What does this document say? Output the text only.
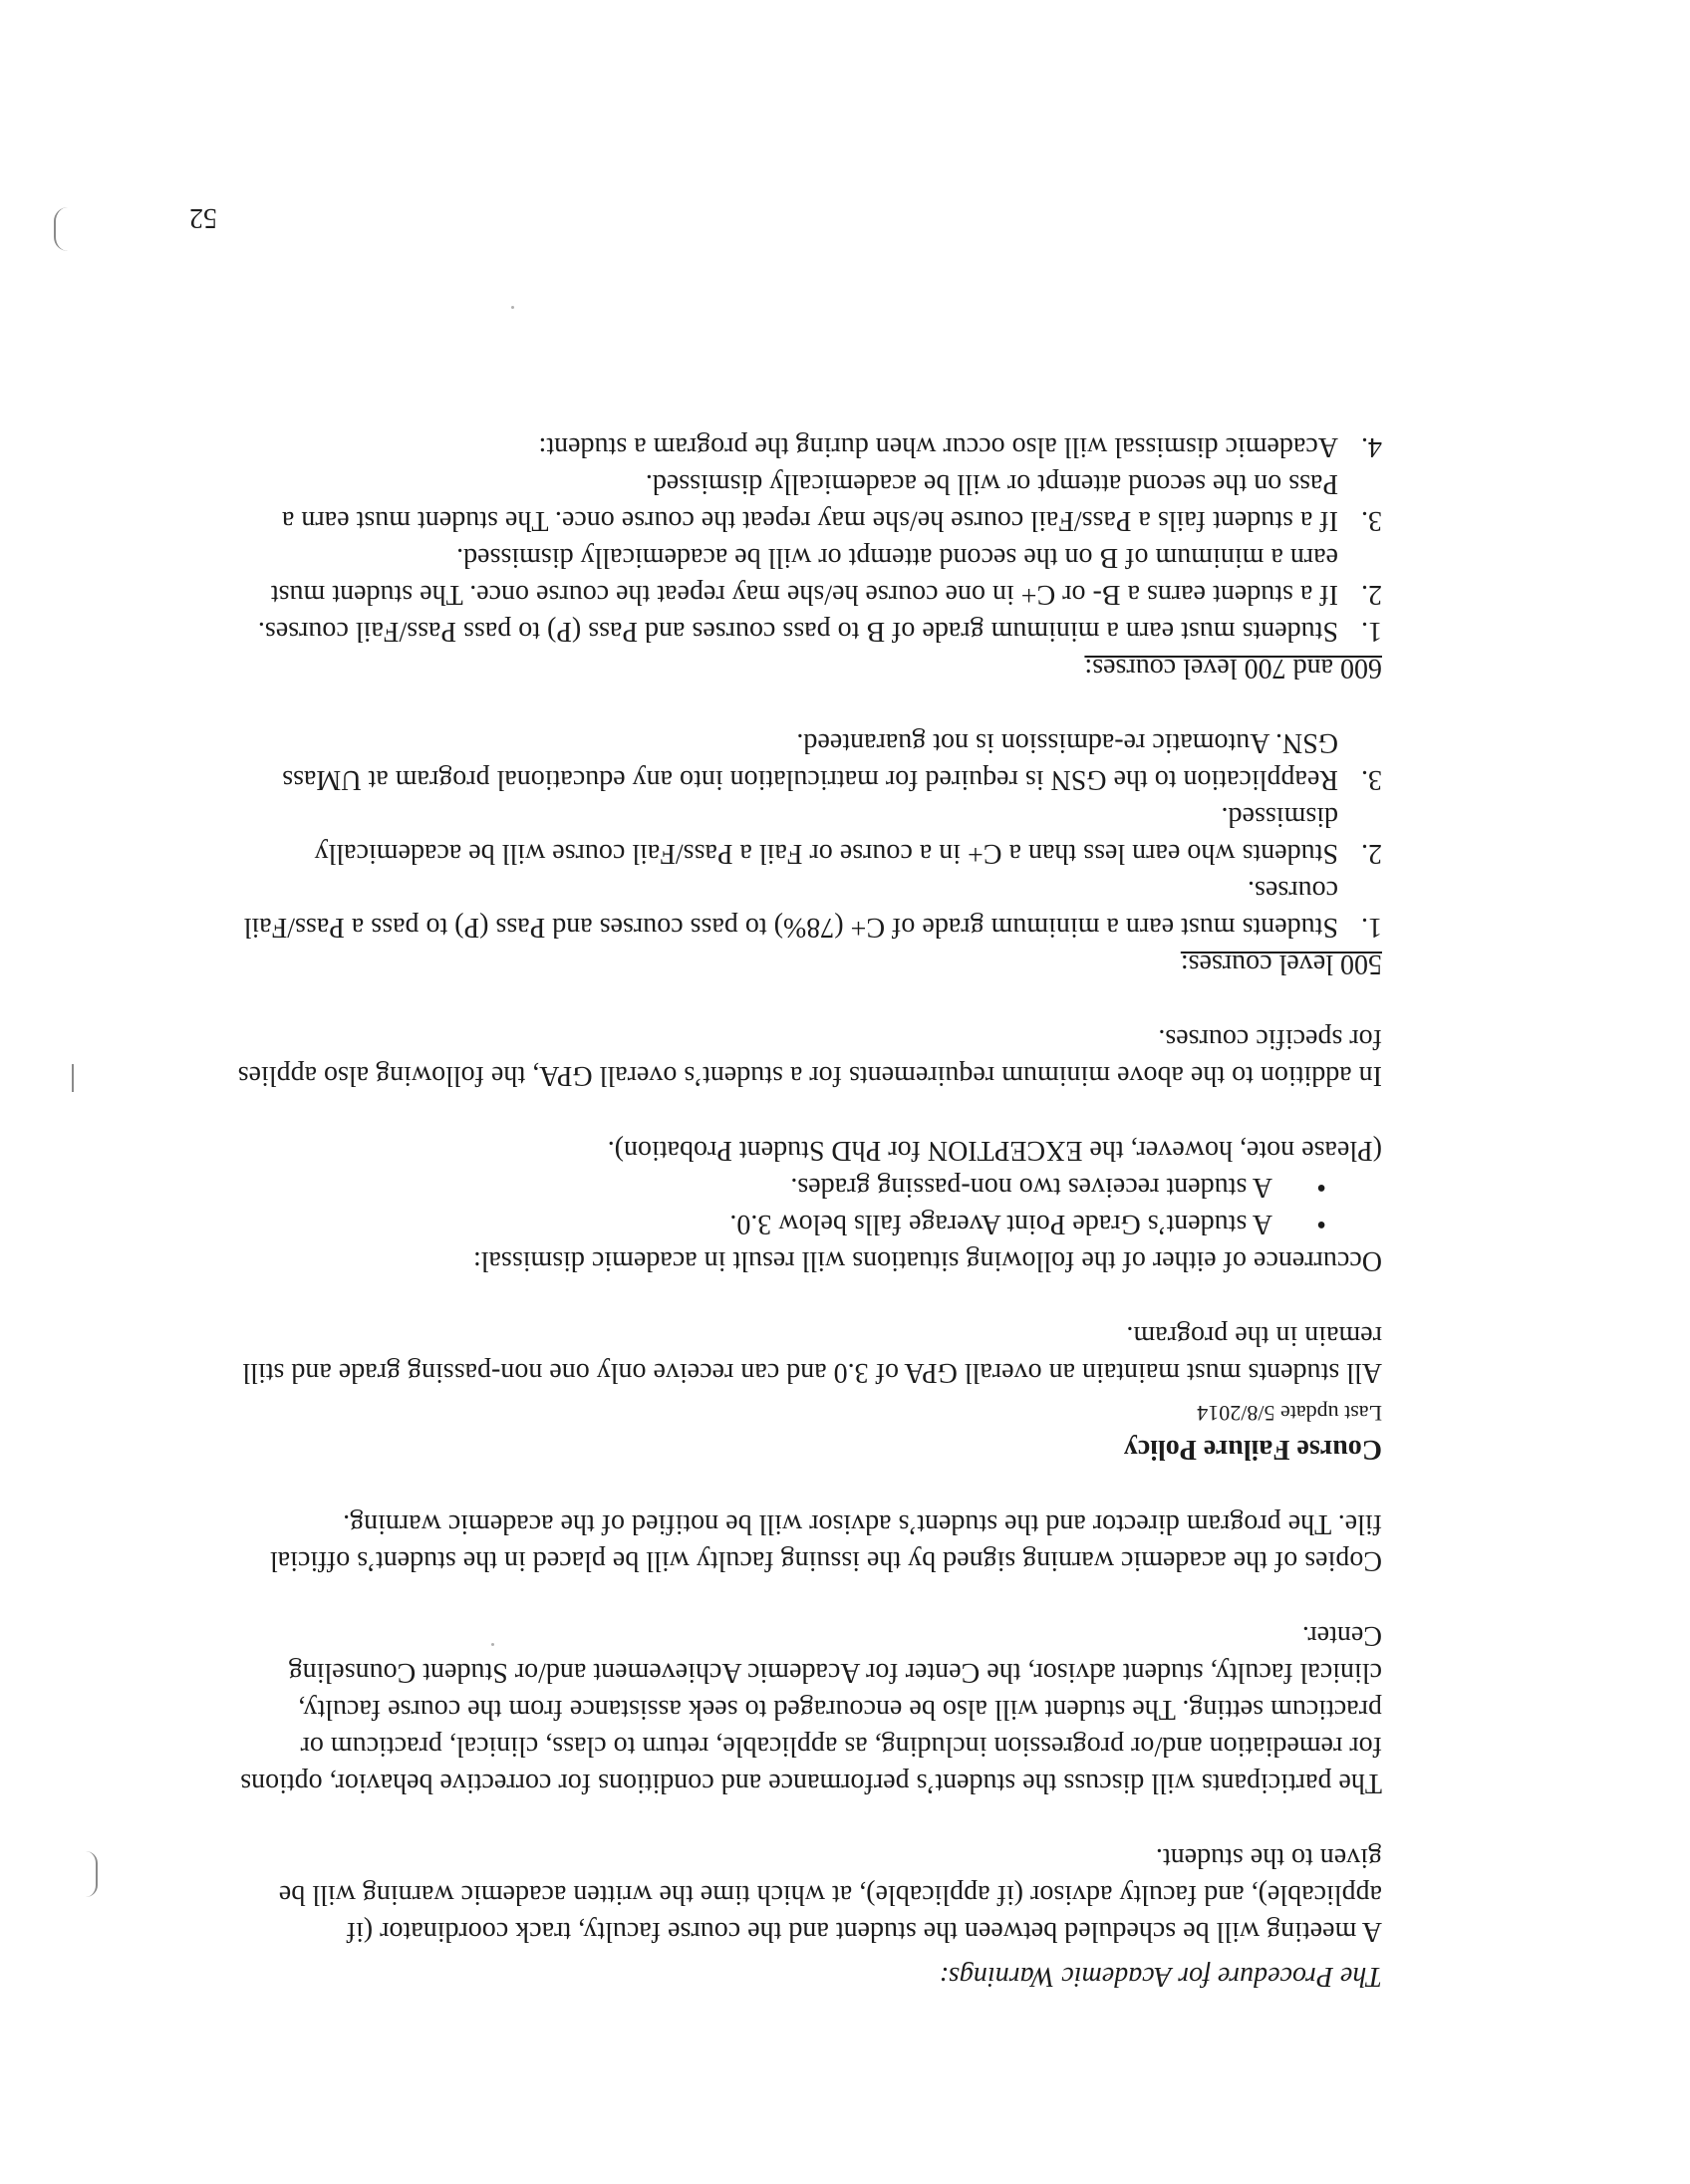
The Procedure for Academic Warnings:

A meeting will be scheduled between the student and the course faculty, track coordinator (if applicable), and faculty advisor (if applicable), at which time the written academic warning will be given to the student.

The participants will discuss the student’s performance and conditions for corrective behavior, options for remediation and/or progression including, as applicable, return to class, clinical, practicum or practicum setting. The student will also be encouraged to seek assistance from the course faculty, clinical faculty, student advisor, the Center for Academic Achievement and/or Student Counseling Center.

Copies of the academic warning signed by the issuing faculty will be placed in the student’s official file. The program director and the student’s advisor will be notified of the academic warning.

Course Failure Policy

Last update 5/8/2014

All students must maintain an overall GPA of 3.0 and can receive only one non-passing grade and still remain in the program.

Occurrence of either of the following situations will result in academic dismissal:

• A student’s Grade Point Average falls below 3.0.
• A student receives two non-passing grades.

(Please note, however, the EXCEPTION for PhD Student Probation).

In addition to the above minimum requirements for a student’s overall GPA, the following also applies for specific courses.

500 level courses:

1.
Students must earn a minimum grade of C+ (78%) to pass courses and Pass (P) to pass a Pass/Fail courses.
2.
Students who earn less than a C+ in a course or Fail a Pass/Fail course will be academically dismissed.
3.
Reapplication to the GSN is required for matriculation into any educational program at UMass GSN. Automatic re-admission is not guaranteed.

600 and 700 level courses:

1.
Students must earn a minimum grade of B to pass courses and Pass (P) to pass Pass/Fail courses.
2.
If a student earns a B- or C+ in one course he/she may repeat the course once. The student must earn a minimum of B on the second attempt or will be academically dismissed.
3.
If a student fails a Pass/Fail course he/she may repeat the course once. The student must earn a Pass on the second attempt or will be academically dismissed.
4.
Academic dismissal will also occur when during the program a student:
52
